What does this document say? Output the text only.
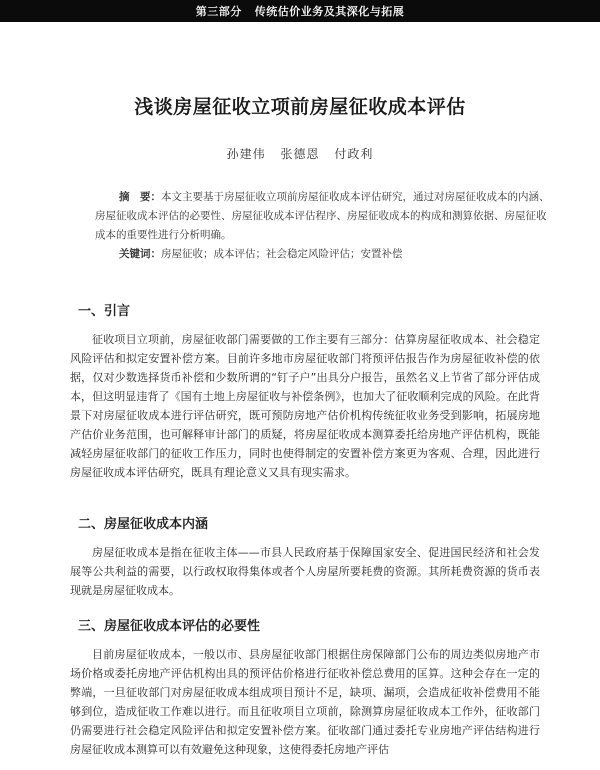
第三部分   传统估价业务及其深化与拓展
浅谈房屋征收立项前房屋征收成本评估
孙建伟 张德恩 付政利
摘　要：本文主要基于房屋征收立项前房屋征收成本评估研究，通过对房屋征收成本的内涵、房屋征收成本评估的必要性、房屋征收成本评估程序、房屋征收成本的构成和测算依据、房屋征收成本的重要性进行分析明确。
关键词：房屋征收；成本评估；社会稳定风险评估；安置补偿
一、引言

征收项目立项前，房屋征收部门需要做的工作主要有三部分：估算房屋征收成本、社会稳定风险评估和拟定安置补偿方案。目前许多地市房屋征收部门将预评估报告作为房屋征收补偿的依据，仅对少数选择货币补偿和少数所谓的“钉子户”出具分户报告，虽然名义上节省了部分评估成本，但这明显违背了《国有土地上房屋征收与补偿条例》，也加大了征收顺利完成的风险。在此背景下对房屋征收成本进行评估研究，既可预防房地产估价机构传统征收业务受到影响，拓展房地产估价业务范围，也可解释审计部门的质疑，将房屋征收成本测算委托给房地产评估机构，既能减轻房屋征收部门的征收工作压力，同时也使得制定的安置补偿方案更为客观、合理，因此进行房屋征收成本评估研究，既具有理论意义又具有现实需求。

二、房屋征收成本内涵

房屋征收成本是指在征收主体——市县人民政府基于保障国家安全、促进国民经济和社会发展等公共利益的需要，以行政权取得集体或者个人房屋所要耗费的资源。其所耗费资源的货币表现就是房屋征收成本。

三、房屋征收成本评估的必要性

目前房屋征收成本，一般以市、县房屋征收部门根据住房保障部门公布的周边类似房地产市场价格或委托房地产评估机构出具的预评估价格进行征收补偿总费用的匡算。这种会存在一定的弊端，一旦征收部门对房屋征收成本组成项目预计不足，缺项、漏项，会造成征收补偿费用不能够到位，造成征收工作难以进行。而且征收项目立项前，除测算房屋征收成本工作外，征收部门仍需要进行社会稳定风险评估和拟定安置补偿方案。征收部门通过委托专业房地产评估结构进行房屋征收成本测算可以有效避免这种现象，这使得委托房地产评估
